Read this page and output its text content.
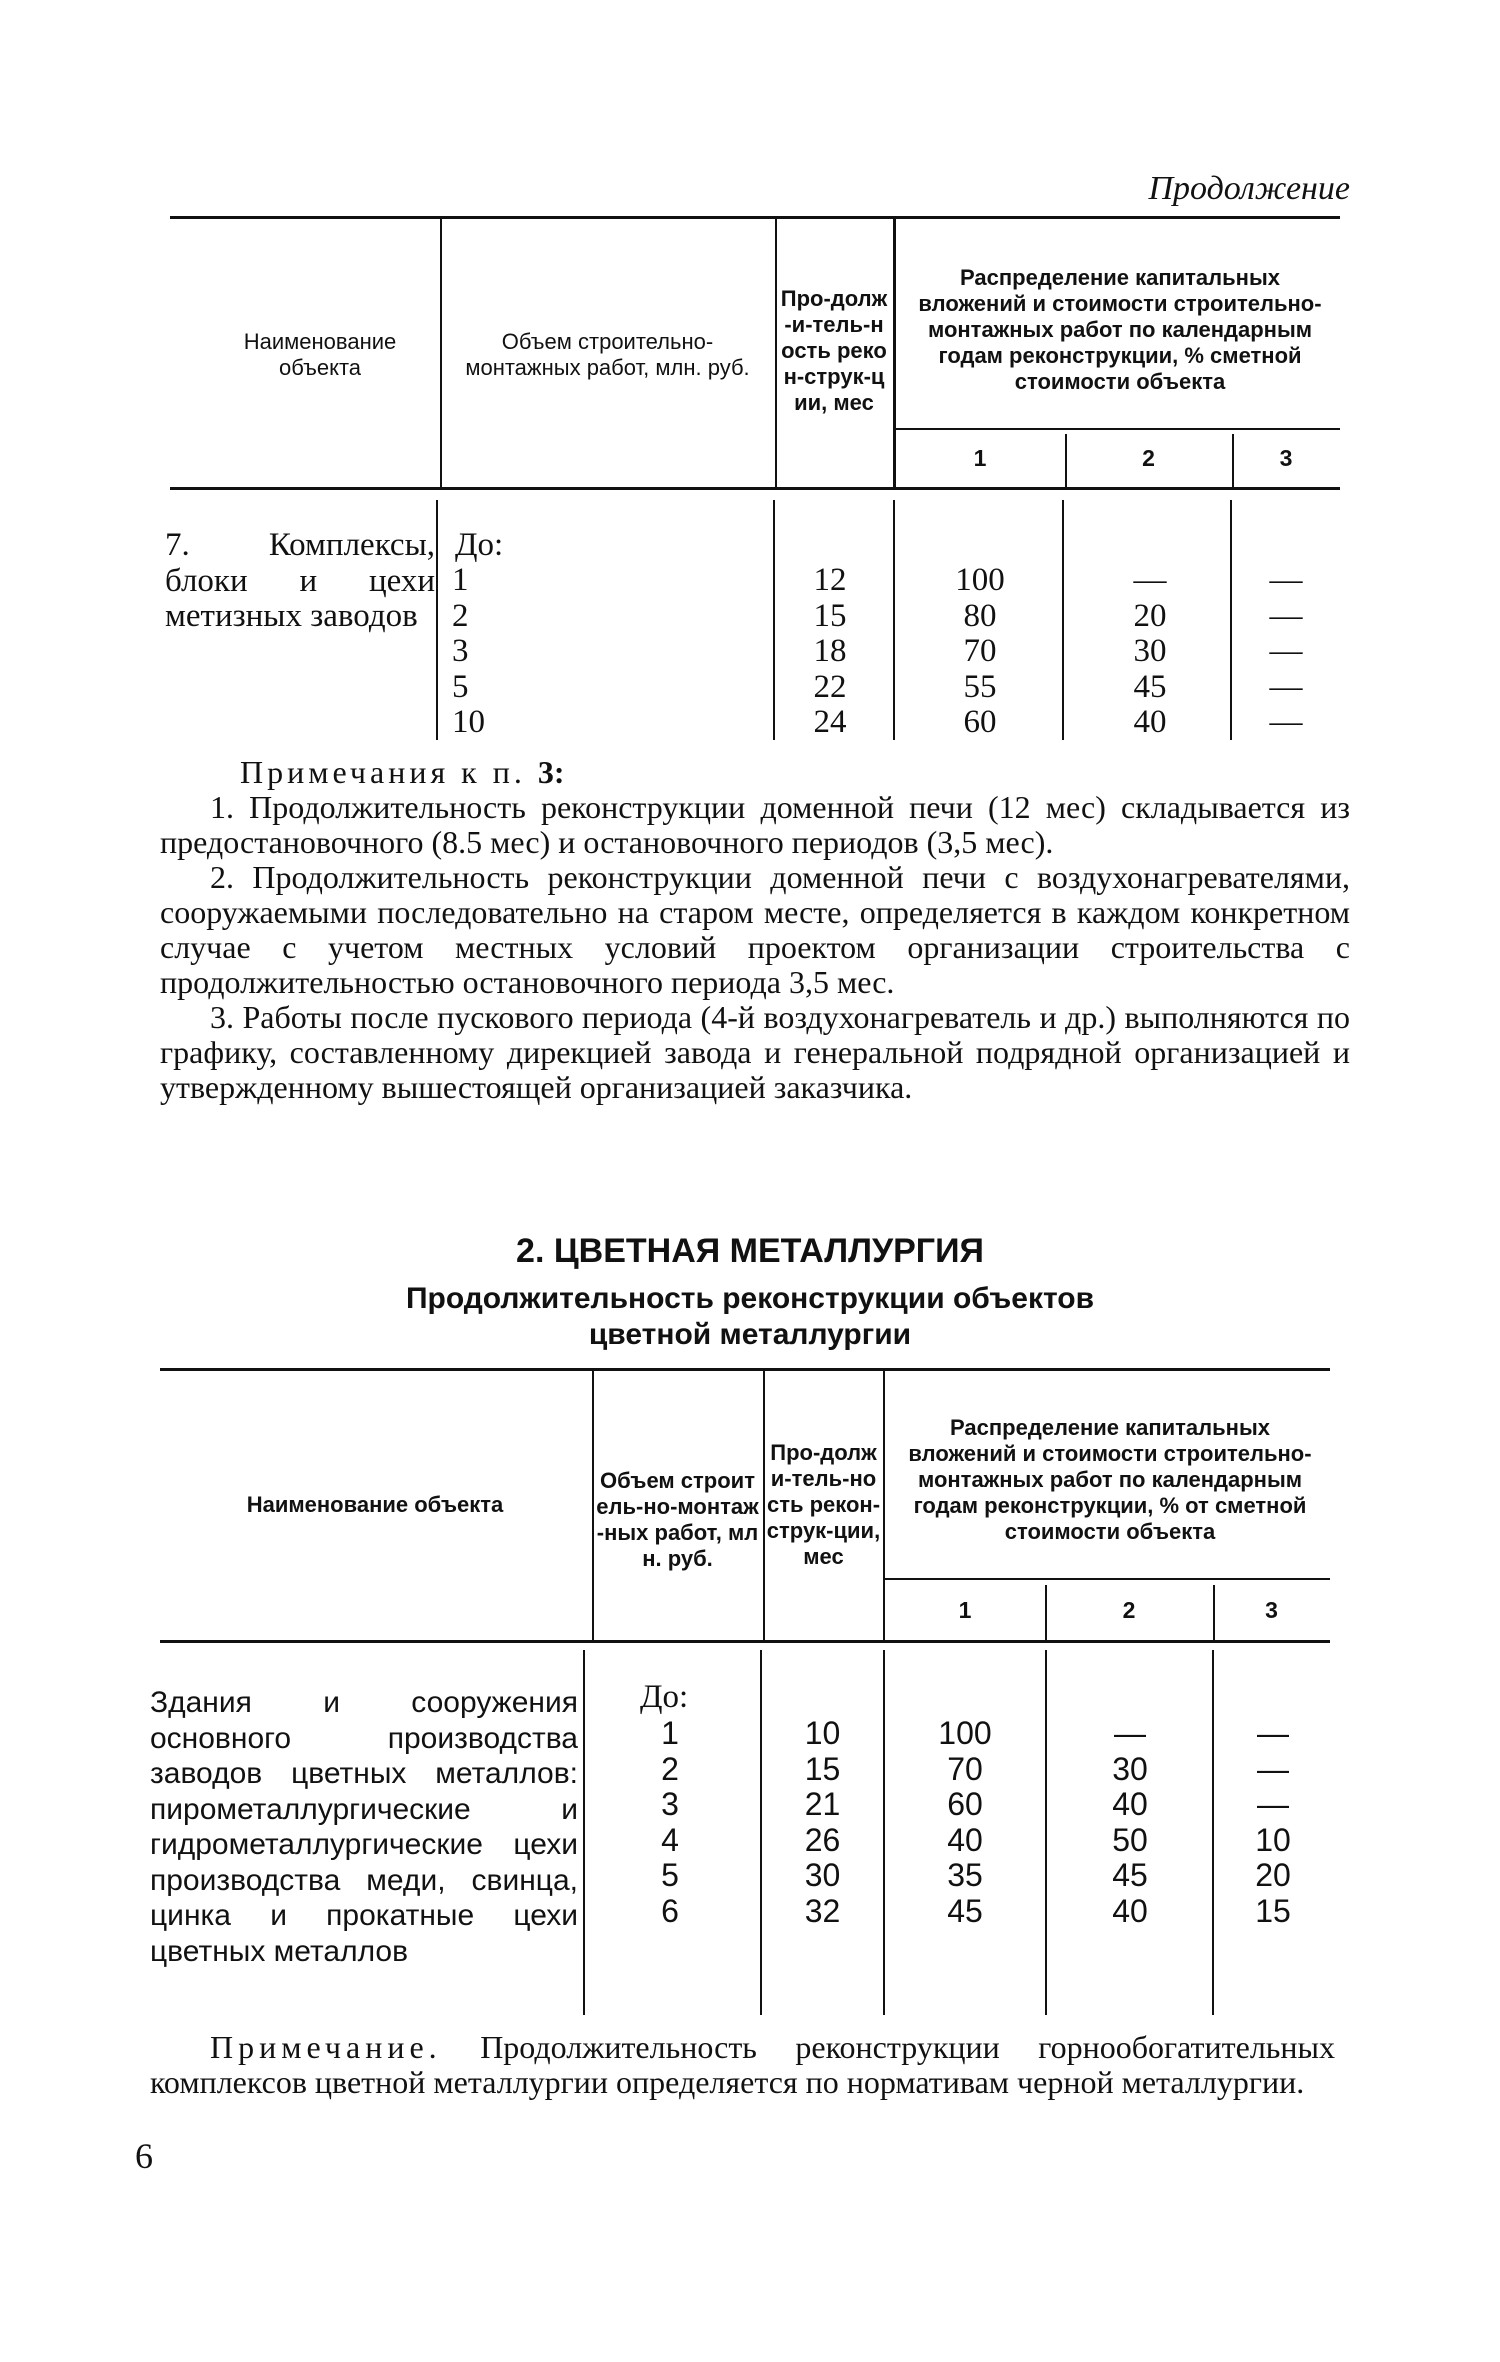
Продолжение
Наименование объекта
Объем строительно-монтажных работ, млн. руб.
Про-долж-и-тель-ность рекон-струк-ции, мес
Распределение капитальных вложений и стоимости строительно-монтажных работ по календарным годам реконструкции, % сметной стоимости объекта
1	2	3
7. Комплексы, блоки и цехи метизных заводов
До:
1	12	100	—	—
2	15	80	20	—
3	18	70	30	—
5	22	55	45	—
10	24	60	40	—

Примечания к п. 3:

1. Продолжительность реконструкции доменной печи (12 мес) складывается из предостановочного (8.5 мес) и остановочного периодов (3,5 мес).

2. Продолжительность реконструкции доменной печи с воздухонагревателями, сооружаемыми последовательно на старом месте, определяется в каждом конкретном случае с учетом местных условий проектом организации строительства с продолжительностью остановочного периода 3,5 мес.

3. Работы после пускового периода (4-й воздухонагреватель и др.) выполняются по графику, составленному дирекцией завода и генеральной подрядной организацией и утвержденному вышестоящей организацией заказчика.

2. ЦВЕТНАЯ МЕТАЛЛУРГИЯ
Продолжительность реконструкции объектов
цветной металлургии
Наименование объекта
Объем строитель-но-монтаж-ных работ, млн. руб.
Про-должи-тель-ность рекон-струк-ции, мес
Распределение капитальных вложений и стоимости строительно-монтажных работ по календарным годам реконструкции, % от сметной стоимости объекта
1	2	3
Здания и сооружения основного производства заводов цветных металлов: пирометаллургические и гидрометаллургические цехи производства меди, свинца, цинка и прокатные цехи цветных металлов
До:
1	10	100	—	—
2	15	70	30	—
3	21	60	40	—
4	26	40	50	10
5	30	35	45	20
6	32	45	40	15

Примечание. Продолжительность реконструкции горнообогатительных комплексов цветной металлургии определяется по нормативам черной металлургии.

6
